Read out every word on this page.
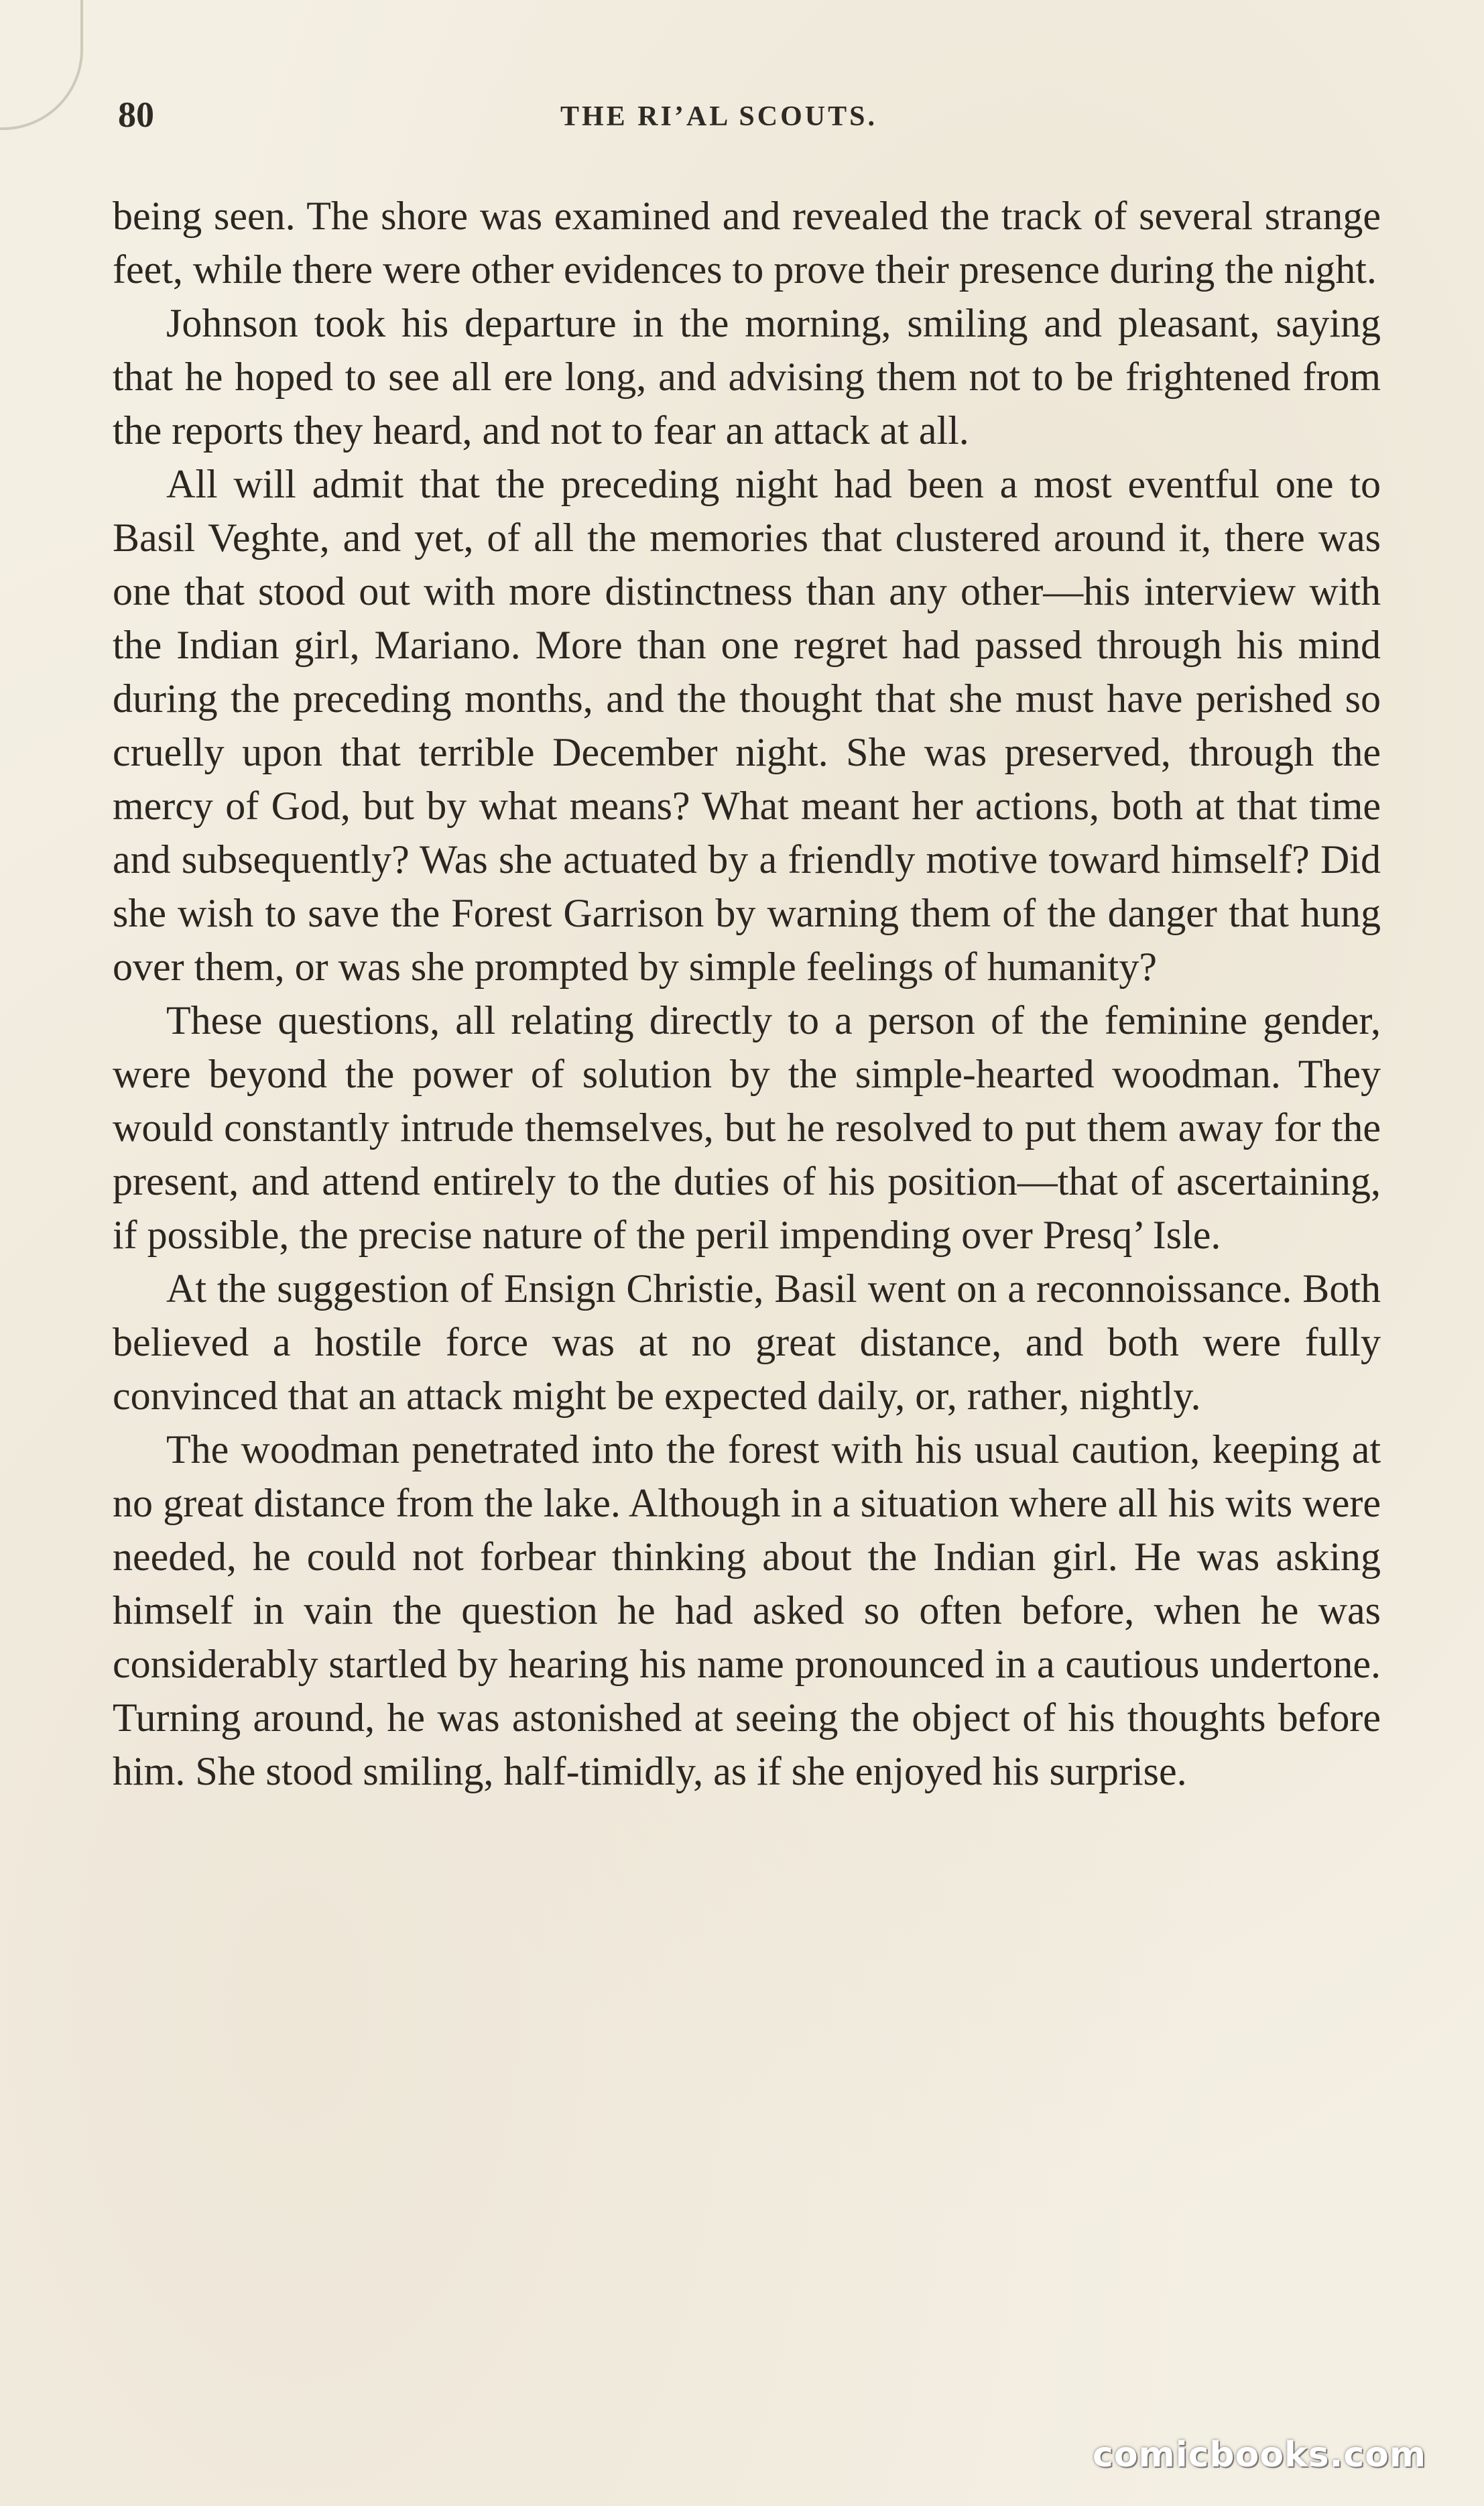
80	THE RI’AL SCOUTS.

being seen. The shore was examined and revealed the track of several strange feet, while there were other evidences to prove their presence during the night.

Johnson took his departure in the morning, smiling and pleasant, saying that he hoped to see all ere long, and advising them not to be frightened from the reports they heard, and not to fear an attack at all.

All will admit that the preceding night had been a most eventful one to Basil Veghte, and yet, of all the memories that clustered around it, there was one that stood out with more distinctness than any other—his interview with the Indian girl, Mariano. More than one regret had passed through his mind during the preceding months, and the thought that she must have perished so cruelly upon that terrible December night. She was preserved, through the mercy of God, but by what means? What meant her actions, both at that time and subsequently? Was she actuated by a friendly motive toward himself? Did she wish to save the Forest Garrison by warning them of the danger that hung over them, or was she prompted by simple feelings of humanity?

These questions, all relating directly to a person of the feminine gender, were beyond the power of solution by the simple-hearted woodman. They would constantly intrude themselves, but he resolved to put them away for the present, and attend entirely to the duties of his position—that of ascertaining, if possible, the precise nature of the peril impending over Presq’ Isle.

At the suggestion of Ensign Christie, Basil went on a reconnoissance. Both believed a hostile force was at no great distance, and both were fully convinced that an attack might be expected daily, or, rather, nightly.

The woodman penetrated into the forest with his usual caution, keeping at no great distance from the lake. Although in a situation where all his wits were needed, he could not forbear thinking about the Indian girl. He was asking himself in vain the question he had asked so often before, when he was considerably startled by hearing his name pronounced in a cautious undertone. Turning around, he was astonished at seeing the object of his thoughts before him. She stood smiling, half-timidly, as if she enjoyed his surprise.

comicbooks.com
